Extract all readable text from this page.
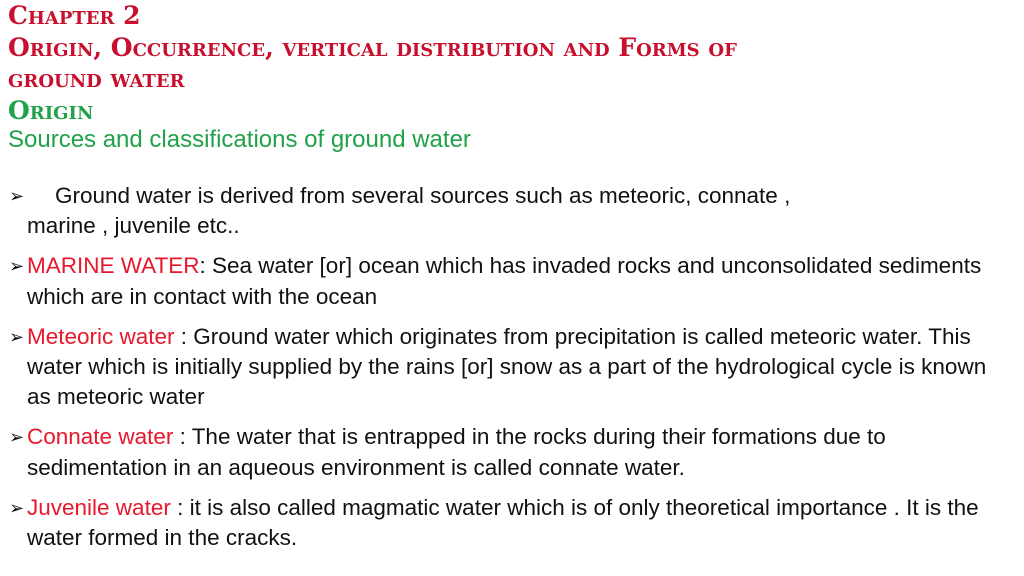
Chapter 2
Origin, Occurrence, vertical distribution and Forms of
ground water
Origin
Sources and classifications of ground water
➢	Ground water is derived from several sources such as meteoric, connate ,
marine , juvenile etc..
➢ MARINE WATER: Sea water [or] ocean which has invaded rocks and unconsolidated sediments which are in contact with the ocean
➢ Meteoric water : Ground water which originates from precipitation is called meteoric water. This water which is initially supplied by the rains [or] snow as a part of the hydrological cycle is known as meteoric water
➢ Connate water : The water that is entrapped in the rocks during their formations due to sedimentation in an aqueous environment is called connate water.
➢ Juvenile water : it is also called magmatic water which is of only theoretical importance . It is the water formed in the cracks.
